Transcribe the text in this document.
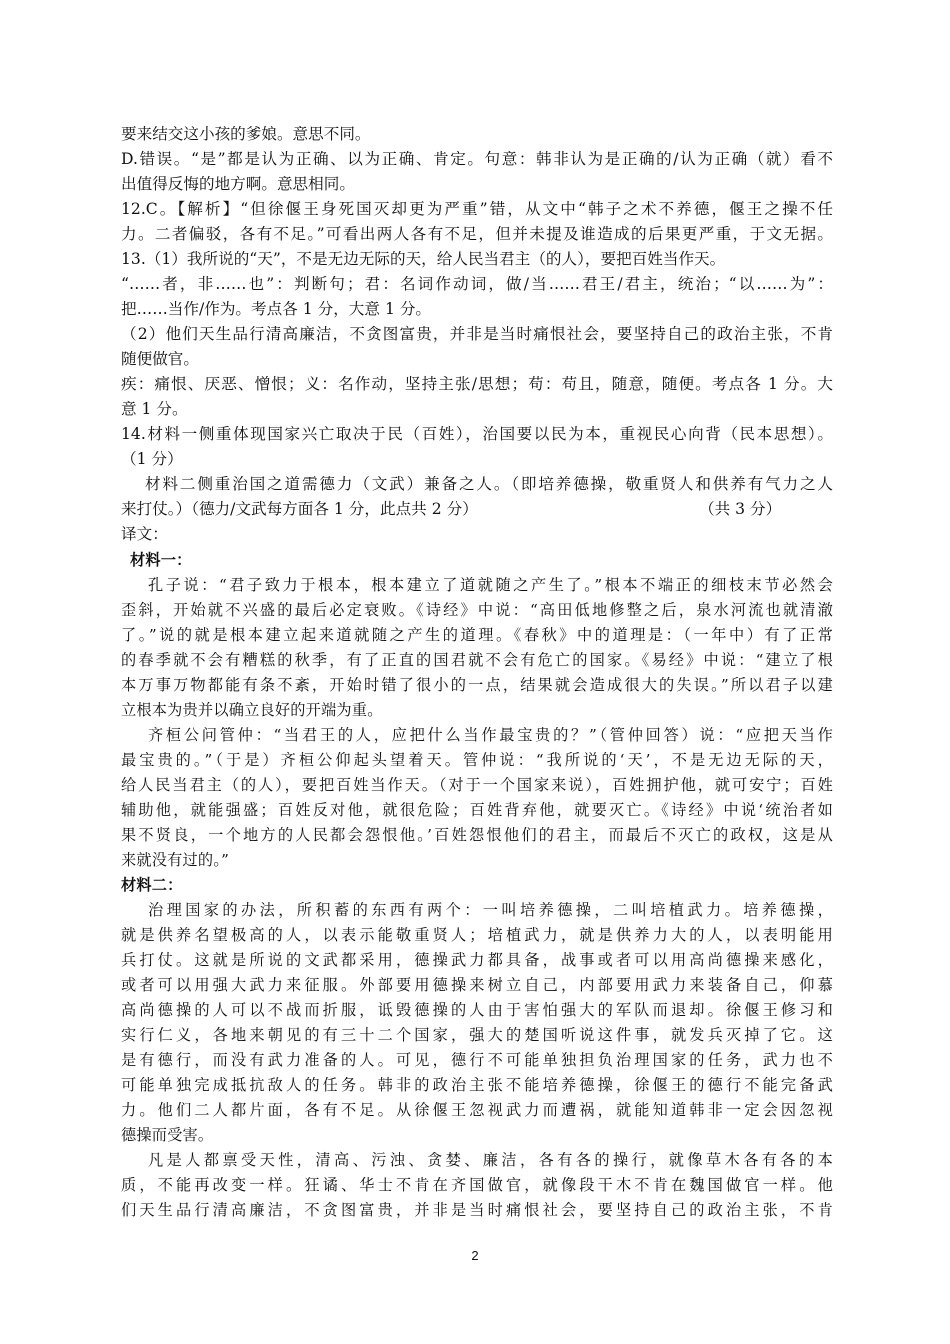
要来结交这小孩的爹娘。意思不同。

D.错误。“是”都是认为正确、以为正确、肯定。句意：韩非认为是正确的/认为正确（就）看不

出值得反悔的地方啊。意思相同。

12.C。【解析】“但徐偃王身死国灭却更为严重”错，从文中“韩子之术不养德，偃王之操不任

力。二者偏驳，各有不足。”可看出两人各有不足，但并未提及谁造成的后果更严重，于文无据。

13.（1）我所说的“天”，不是无边无际的天，给人民当君主（的人），要把百姓当作天。

“……者，非……也”：判断句；君：名词作动词，做/当……君王/君主，统治；“以……为”：

把……当作/作为。考点各 1 分，大意 1 分。

（2）他们天生品行清高廉洁，不贪图富贵，并非是当时痛恨社会，要坚持自己的政治主张，不肯

随便做官。

疾：痛恨、厌恶、憎恨；义：名作动，坚持主张/思想；苟：苟且，随意，随便。考点各 1 分。大

意 1 分。

14.材料一侧重体现国家兴亡取决于民（百姓），治国要以民为本，重视民心向背（民本思想）。

（1 分）

材料二侧重治国之道需德力（文武）兼备之人。（即培养德操，敬重贤人和供养有气力之人

来打仗。）（德力/文武每方面各 1 分，此点共 2 分）	（共 3 分）

译文：

材料一：

孔子说：“君子致力于根本，根本建立了道就随之产生了。”根本不端正的细枝末节必然会

歪斜，开始就不兴盛的最后必定衰败。《诗经》中说：“高田低地修整之后，泉水河流也就清澈

了。”说的就是根本建立起来道就随之产生的道理。《春秋》中的道理是：（一年中）有了正常

的春季就不会有糟糕的秋季，有了正直的国君就不会有危亡的国家。《易经》中说：“建立了根

本万事万物都能有条不紊，开始时错了很小的一点，结果就会造成很大的失误。”所以君子以建

立根本为贵并以确立良好的开端为重。

齐桓公问管仲：“当君王的人，应把什么当作最宝贵的？”（管仲回答）说：“应把天当作

最宝贵的。”（于是）齐桓公仰起头望着天。管仲说：“我所说的‘天’，不是无边无际的天，

给人民当君主（的人），要把百姓当作天。（对于一个国家来说），百姓拥护他，就可安宁；百姓

辅助他，就能强盛；百姓反对他，就很危险；百姓背弃他，就要灭亡。《诗经》中说‘统治者如

果不贤良，一个地方的人民都会怨恨他。’百姓怨恨他们的君主，而最后不灭亡的政权，这是从

来就没有过的。”

材料二：

治理国家的办法，所积蓄的东西有两个：一叫培养德操，二叫培植武力。培养德操，

就是供养名望极高的人，以表示能敬重贤人；培植武力，就是供养力大的人，以表明能用

兵打仗。这就是所说的文武都采用，德操武力都具备，战事或者可以用高尚德操来感化，

或者可以用强大武力来征服。外部要用德操来树立自己，内部要用武力来装备自己，仰慕

高尚德操的人可以不战而折服，诋毁德操的人由于害怕强大的军队而退却。徐偃王修习和

实行仁义，各地来朝见的有三十二个国家，强大的楚国听说这件事，就发兵灭掉了它。这

是有德行，而没有武力准备的人。可见，德行不可能单独担负治理国家的任务，武力也不

可能单独完成抵抗敌人的任务。韩非的政治主张不能培养德操，徐偃王的德行不能完备武

力。他们二人都片面，各有不足。从徐偃王忽视武力而遭祸，就能知道韩非一定会因忽视

德操而受害。

凡是人都禀受天性，清高、污浊、贪婪、廉洁，各有各的操行，就像草木各有各的本

质，不能再改变一样。狂谲、华士不肯在齐国做官，就像段干木不肯在魏国做官一样。他

们天生品行清高廉洁，不贪图富贵，并非是当时痛恨社会，要坚持自己的政治主张，不肯

2
